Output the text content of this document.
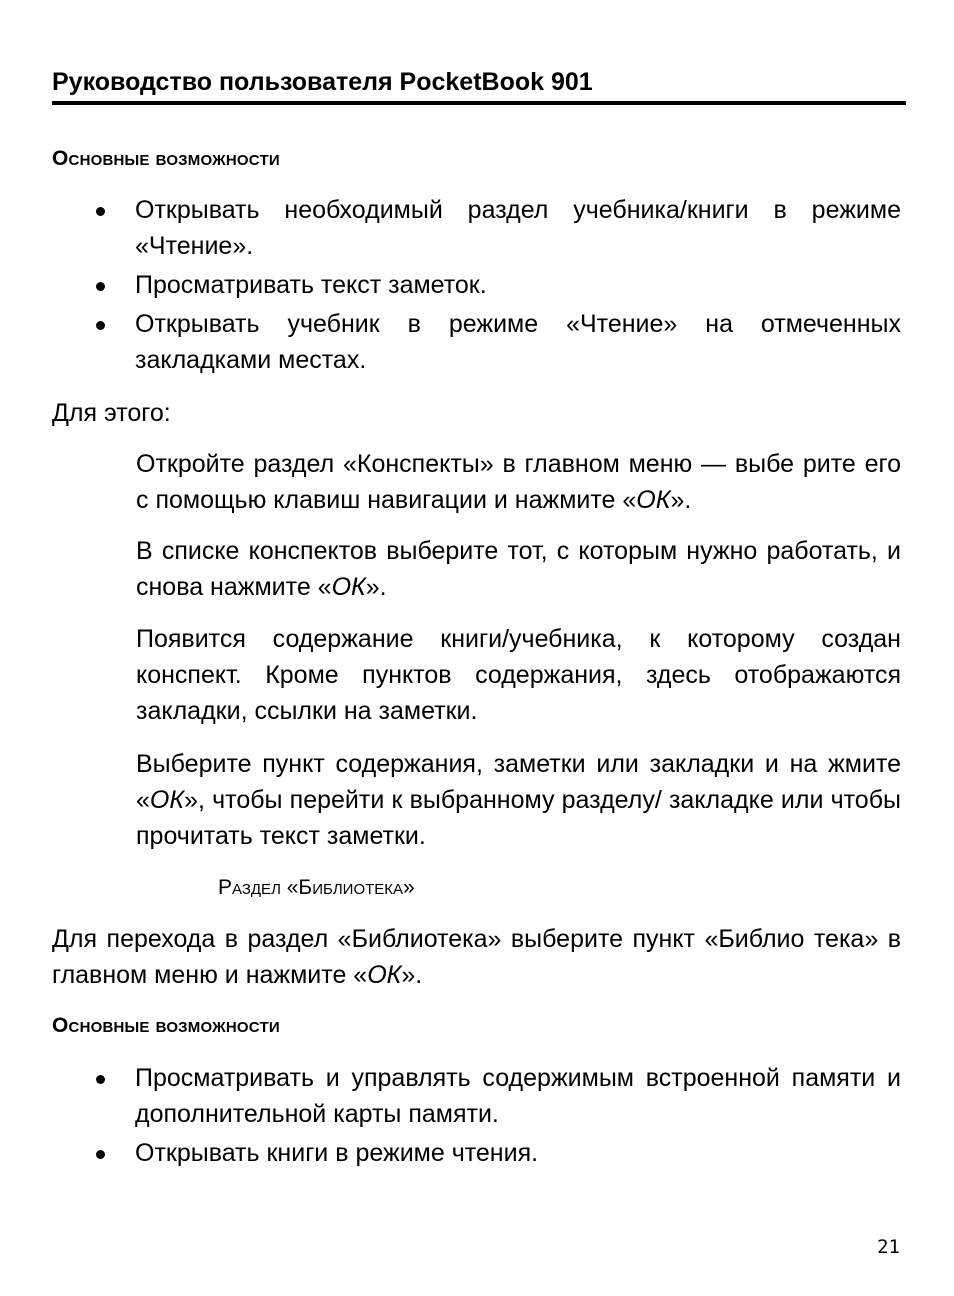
Руководство пользователя PocketBook 901
Основные возможности
Открывать необходимый раздел учебника/книги в режиме «Чтение».
Просматривать текст заметок.
Открывать учебник в режиме «Чтение» на отмеченных закладками местах.

Для этого:

Откройте раздел «Конспекты» в главном меню — выбе рите его с помощью клавиш навигации и нажмите «ОК».

В списке конспектов выберите тот, с которым нужно работать, и снова нажмите «ОК».

Появится содержание книги/учебника, к которому создан конспект. Кроме пунктов содержания, здесь отображаются закладки, ссылки на заметки.

Выберите пункт содержания, заметки или закладки и на жмите «ОК», чтобы перейти к выбранному разделу/ закладке или чтобы прочитать текст заметки.

Раздел «Библиотека»

Для перехода в раздел «Библиотека» выберите пункт «Библио тека» в главном меню и нажмите «ОК».

Основные возможности
Просматривать и управлять содержимым встроенной памяти и дополнительной карты памяти.
Открывать книги в режиме чтения.
21
